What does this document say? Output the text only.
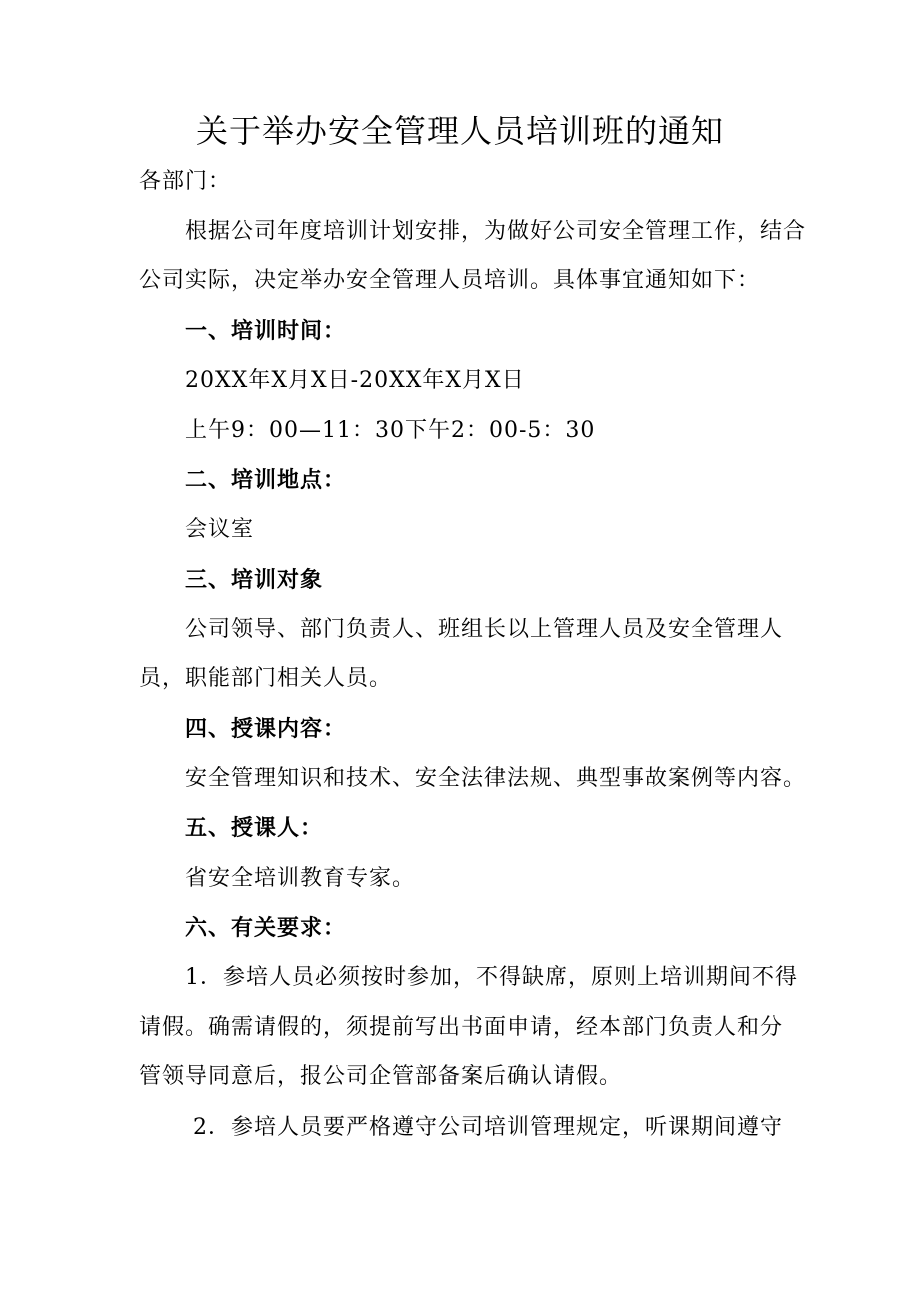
关于举办安全管理人员培训班的通知
各部门：
根据公司年度培训计划安排，为做好公司安全管理工作，结合
公司实际，决定举办安全管理人员培训。具体事宜通知如下：
一、培训时间：
20XX年X月X日-20XX年X月X日
上午9：00—11：30下午2：00-5：30
二、培训地点：
会议室
三、培训对象
公司领导、部门负责人、班组长以上管理人员及安全管理人
员，职能部门相关人员。
四、授课内容：
安全管理知识和技术、安全法律法规、典型事故案例等内容。
五、授课人：
省安全培训教育专家。
六、有关要求：
1．参培人员必须按时参加，不得缺席，原则上培训期间不得
请假。确需请假的，须提前写出书面申请，经本部门负责人和分
管领导同意后，报公司企管部备案后确认请假。
2．参培人员要严格遵守公司培训管理规定，听课期间遵守
